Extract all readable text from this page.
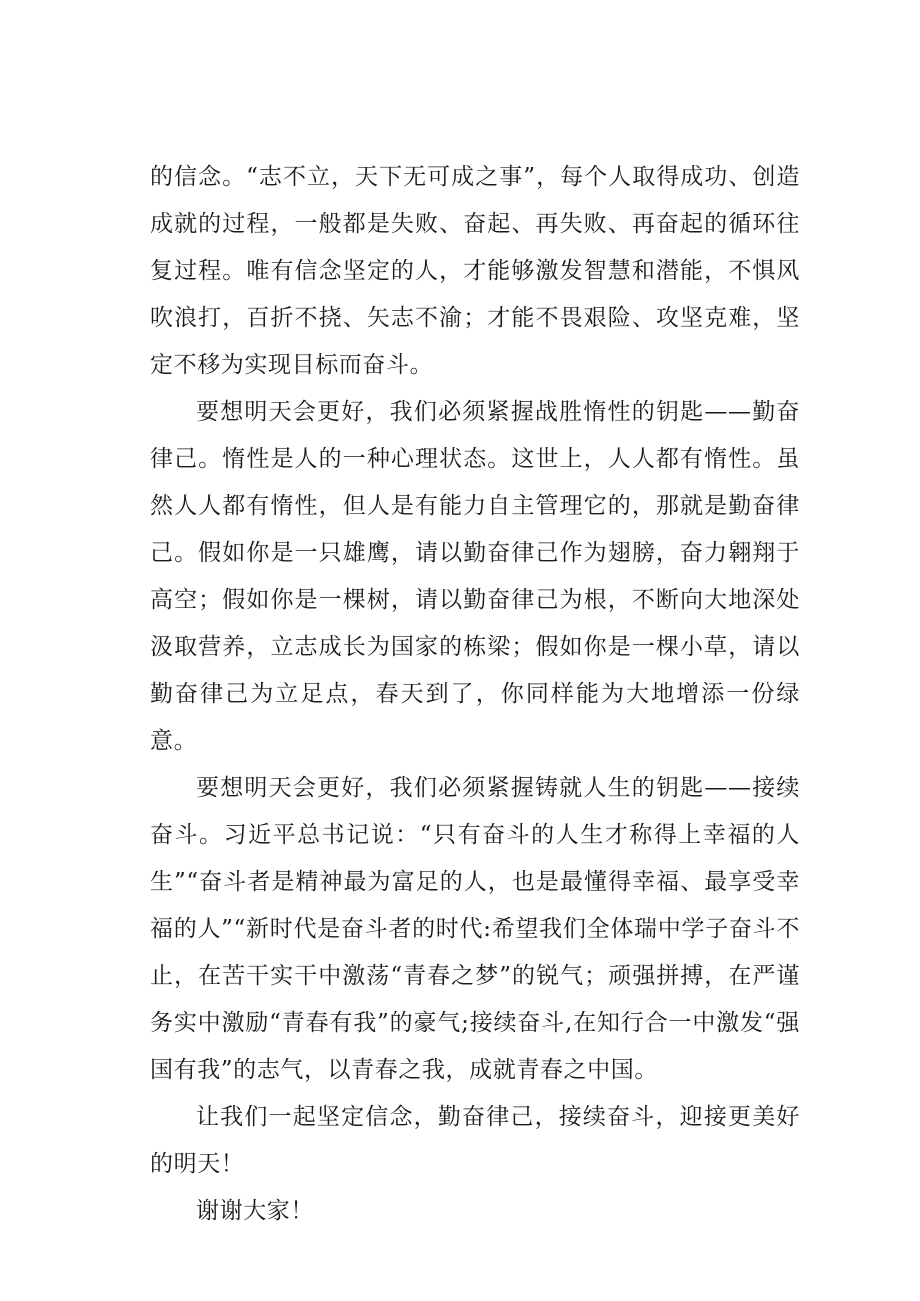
的信念。“志不立，天下无可成之事”，每个人取得成功、创造成就的过程，一般都是失败、奋起、再失败、再奋起的循环往复过程。唯有信念坚定的人，才能够激发智慧和潜能，不惧风吹浪打，百折不挠、矢志不渝；才能不畏艰险、攻坚克难，坚定不移为实现目标而奋斗。

要想明天会更好，我们必须紧握战胜惰性的钥匙——勤奋律己。惰性是人的一种心理状态。这世上，人人都有惰性。虽然人人都有惰性，但人是有能力自主管理它的，那就是勤奋律己。假如你是一只雄鹰，请以勤奋律己作为翅膀，奋力翱翔于高空；假如你是一棵树，请以勤奋律己为根，不断向大地深处汲取营养，立志成长为国家的栋梁；假如你是一棵小草，请以勤奋律己为立足点，春天到了，你同样能为大地增添一份绿意。

要想明天会更好，我们必须紧握铸就人生的钥匙——接续奋斗。习近平总书记说：“只有奋斗的人生才称得上幸福的人生”“奋斗者是精神最为富足的人，也是最懂得幸福、最享受幸福的人”“新时代是奋斗者的时代:希望我们全体瑞中学子奋斗不止，在苦干实干中激荡“青春之梦”的锐气；顽强拼搏，在严谨务实中激励“青春有我”的豪气;接续奋斗,在知行合一中激发“强国有我”的志气，以青春之我，成就青春之中国。

让我们一起坚定信念，勤奋律己，接续奋斗，迎接更美好的明天！

谢谢大家！
